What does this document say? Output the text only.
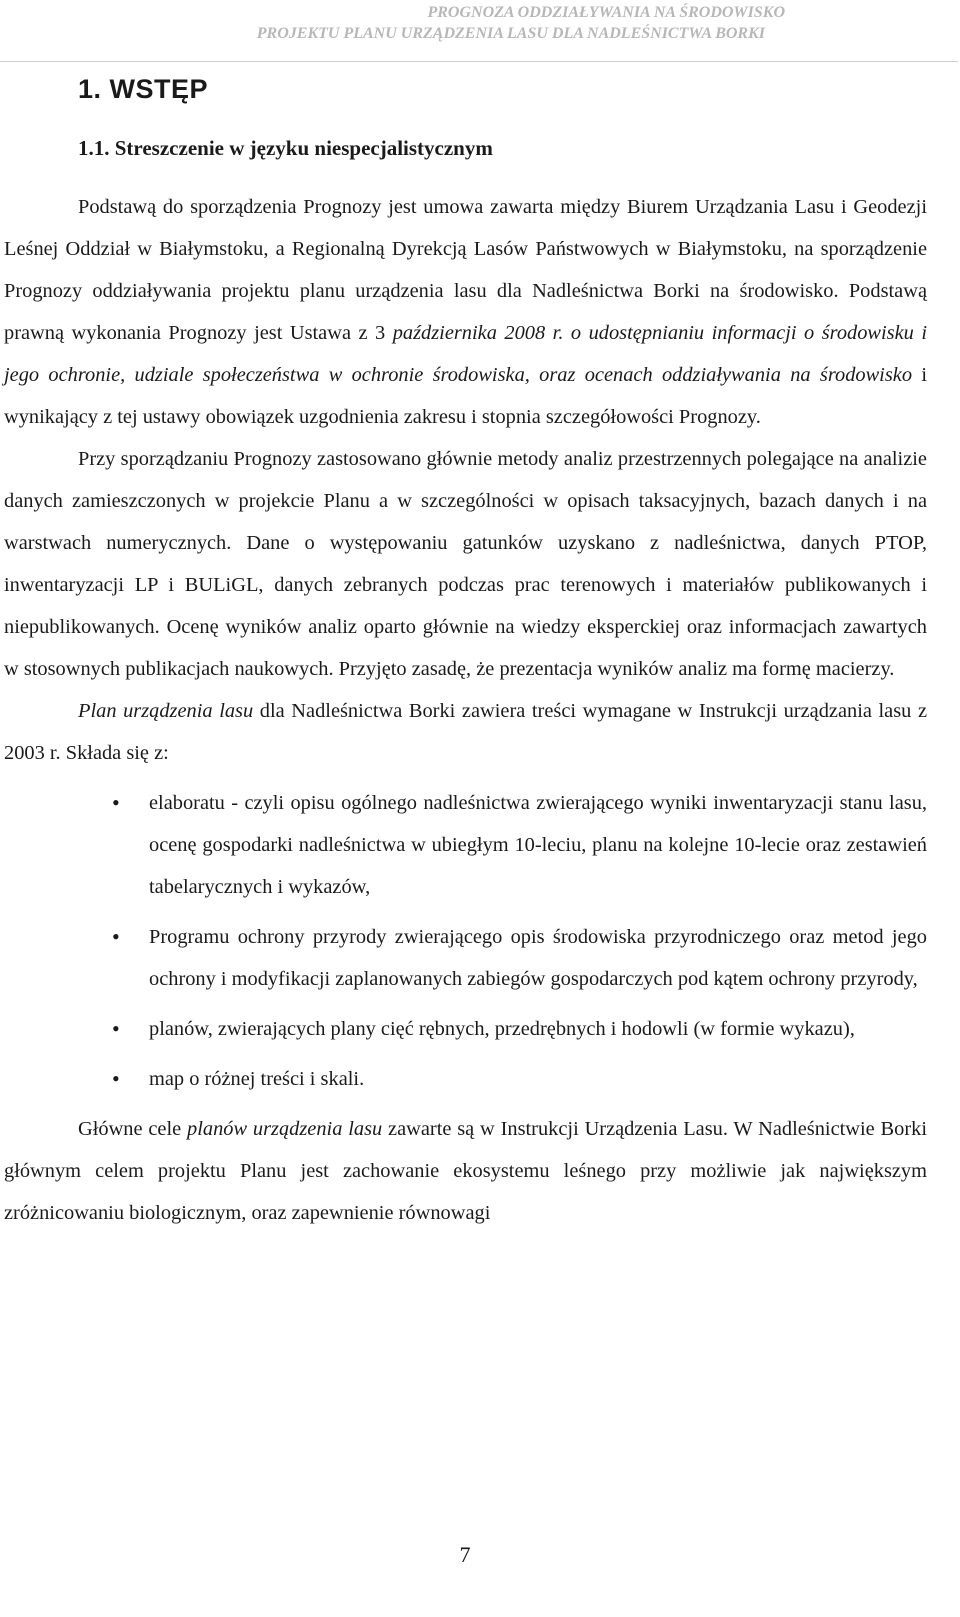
PROGNOZA ODDZIAŁYWANIA NA ŚRODOWISKO
PROJEKTU PLANU URZĄDZENIA LASU DLA NADLEŚNICTWA BORKI
1. WSTĘP
1.1. Streszczenie w języku niespecjalistycznym

Podstawą do sporządzenia Prognozy jest umowa zawarta między Biurem Urządzania Lasu i Geodezji Leśnej Oddział w Białymstoku, a Regionalną Dyrekcją Lasów Państwowych w Białymstoku, na sporządzenie Prognozy oddziaływania projektu planu urządzenia lasu dla Nadleśnictwa Borki na środowisko. Podstawą prawną wykonania Prognozy jest Ustawa z 3 października 2008 r. o udostępnianiu informacji o środowisku i jego ochronie, udziale społeczeństwa w ochronie środowiska, oraz ocenach oddziaływania na środowisko i wynikający z tej ustawy obowiązek uzgodnienia zakresu i stopnia szczegółowości Prognozy.

Przy sporządzaniu Prognozy zastosowano głównie metody analiz przestrzennych polegające na analizie danych zamieszczonych w projekcie Planu a w szczególności w opisach taksacyjnych, bazach danych i na warstwach numerycznych. Dane o występowaniu gatunków uzyskano z nadleśnictwa, danych PTOP, inwentaryzacji LP i BULiGL, danych zebranych podczas prac terenowych i materiałów publikowanych i niepublikowanych. Ocenę wyników analiz oparto głównie na wiedzy eksperckiej oraz informacjach zawartych w stosownych publikacjach naukowych. Przyjęto zasadę, że prezentacja wyników analiz ma formę macierzy.

Plan urządzenia lasu dla Nadleśnictwa Borki zawiera treści wymagane w Instrukcji urządzania lasu z 2003 r. Składa się z:

• elaboratu - czyli opisu ogólnego nadleśnictwa zwierającego wyniki inwentaryzacji stanu lasu, ocenę gospodarki nadleśnictwa w ubiegłym 10-leciu, planu na kolejne 10-lecie oraz zestawień tabelarycznych i wykazów,
• Programu ochrony przyrody zwierającego opis środowiska przyrodniczego oraz metod jego ochrony i modyfikacji zaplanowanych zabiegów gospodarczych pod kątem ochrony przyrody,
• planów, zwierających plany cięć rębnych, przedrębnych i hodowli (w formie wykazu),
• map o różnej treści i skali.

Główne cele planów urządzenia lasu zawarte są w Instrukcji Urządzenia Lasu. W Nadleśnictwie Borki głównym celem projektu Planu jest zachowanie ekosystemu leśnego przy możliwie jak największym zróżnicowaniu biologicznym, oraz zapewnienie równowagi

7
